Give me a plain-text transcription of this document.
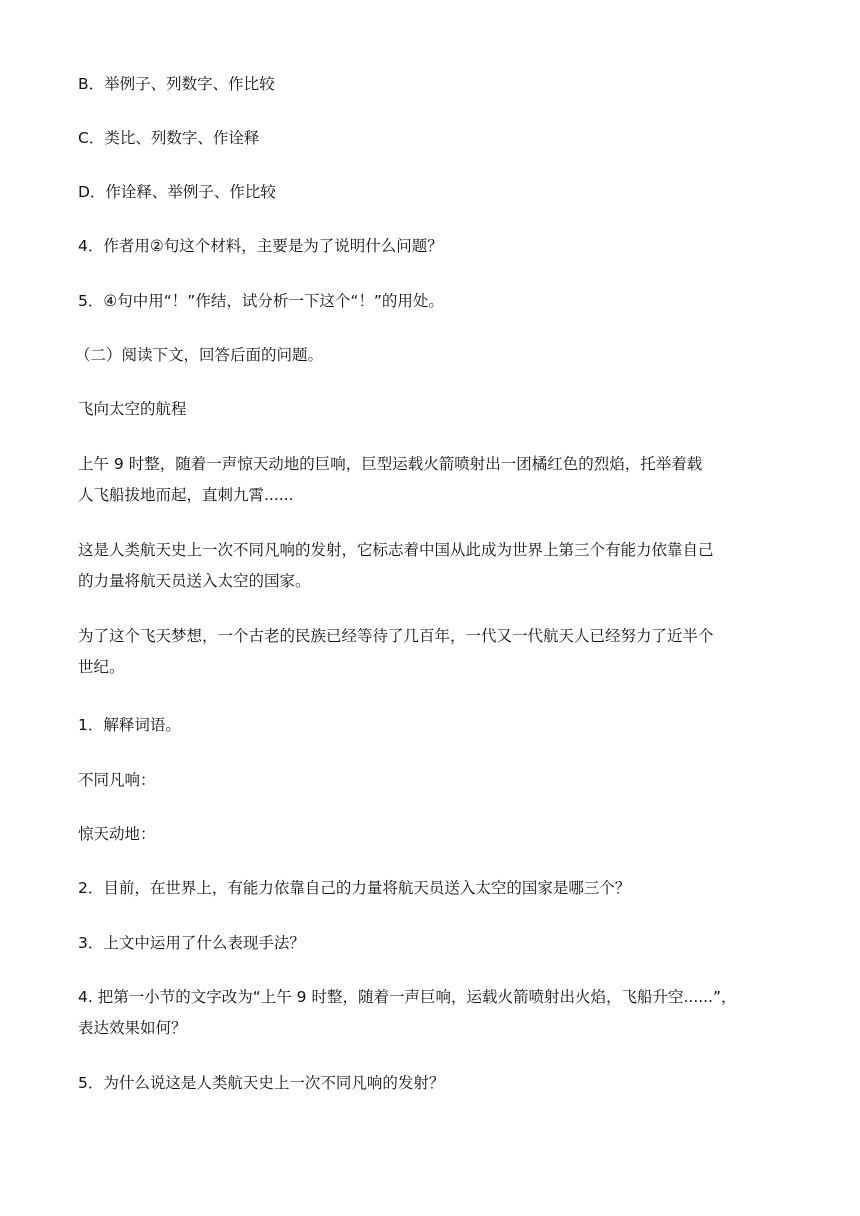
B．举例子、列数字、作比较
C．类比、列数字、作诠释
D．作诠释、举例子、作比较
4．作者用②句这个材料，主要是为了说明什么问题？
5．④句中用“！”作结，试分析一下这个“！”的用处。
（二）阅读下文，回答后面的问题。
飞向太空的航程
上午 9 时整，随着一声惊天动地的巨响，巨型运载火箭喷射出一团橘红色的烈焰，托举着载
人飞船拔地而起，直刺九霄......
这是人类航天史上一次不同凡响的发射，它标志着中国从此成为世界上第三个有能力依靠自己
的力量将航天员送入太空的国家。
为了这个飞天梦想，一个古老的民族已经等待了几百年，一代又一代航天人已经努力了近半个
世纪。
1．解释词语。
不同凡响：
惊天动地：
2．目前，在世界上，有能力依靠自己的力量将航天员送入太空的国家是哪三个？
3．上文中运用了什么表现手法？
4. 把第一小节的文字改为“上午 9 时整，随着一声巨响，运载火箭喷射出火焰，飞船升空......”，
表达效果如何？
5．为什么说这是人类航天史上一次不同凡响的发射？
